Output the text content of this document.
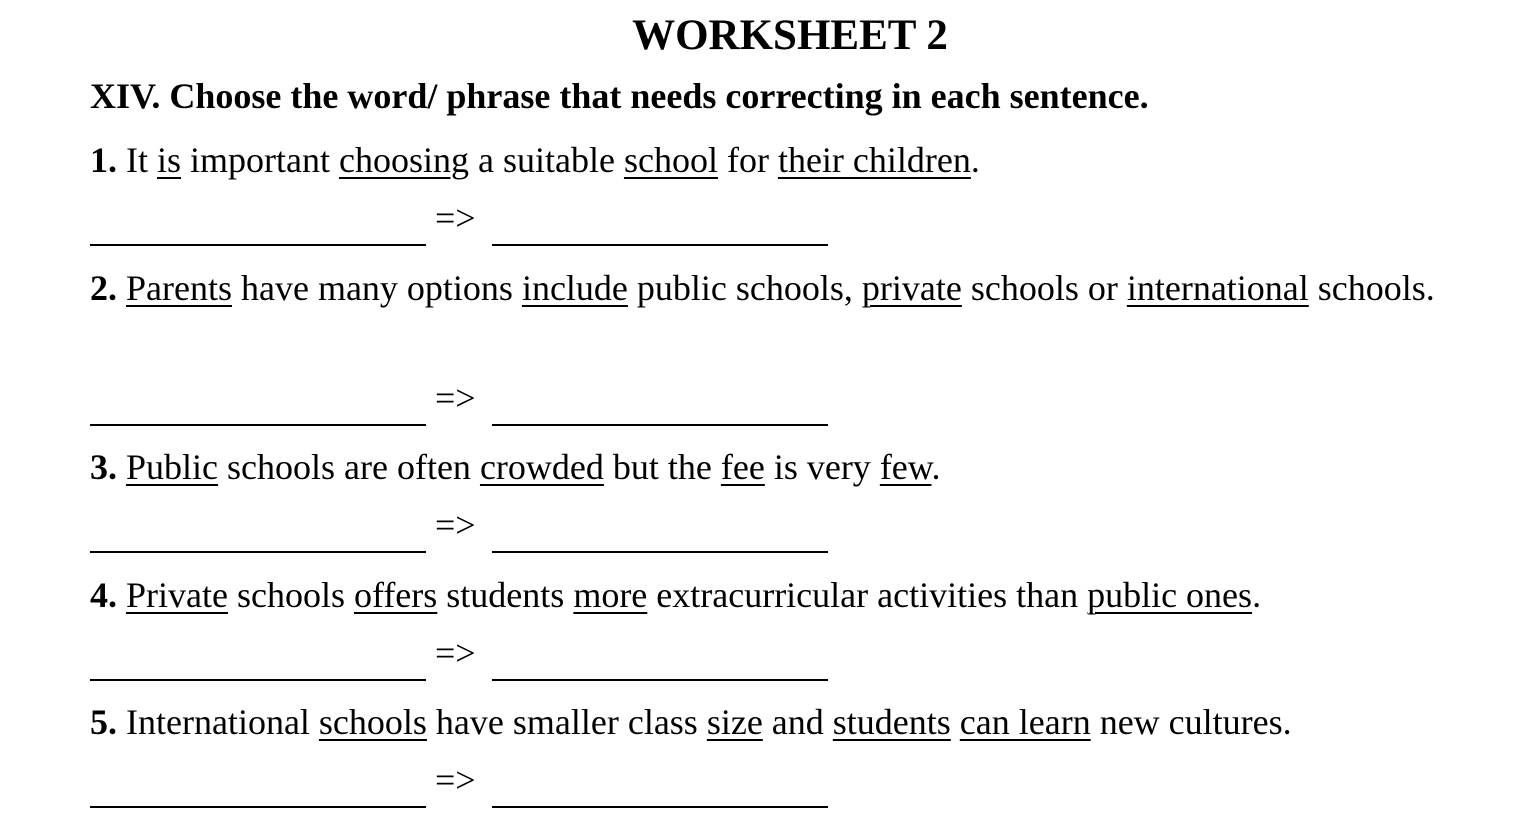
WORKSHEET 2
XIV. Choose the word/ phrase that needs correcting in each sentence.
1. It is important choosing a suitable school for their children.
=>
2. Parents have many options include public schools, private schools or international schools.
=>
3. Public schools are often crowded but the fee is very few.
=>
4. Private schools offers students more extracurricular activities than public ones.
=>
5. International schools have smaller class size and students can learn new cultures.
=>
